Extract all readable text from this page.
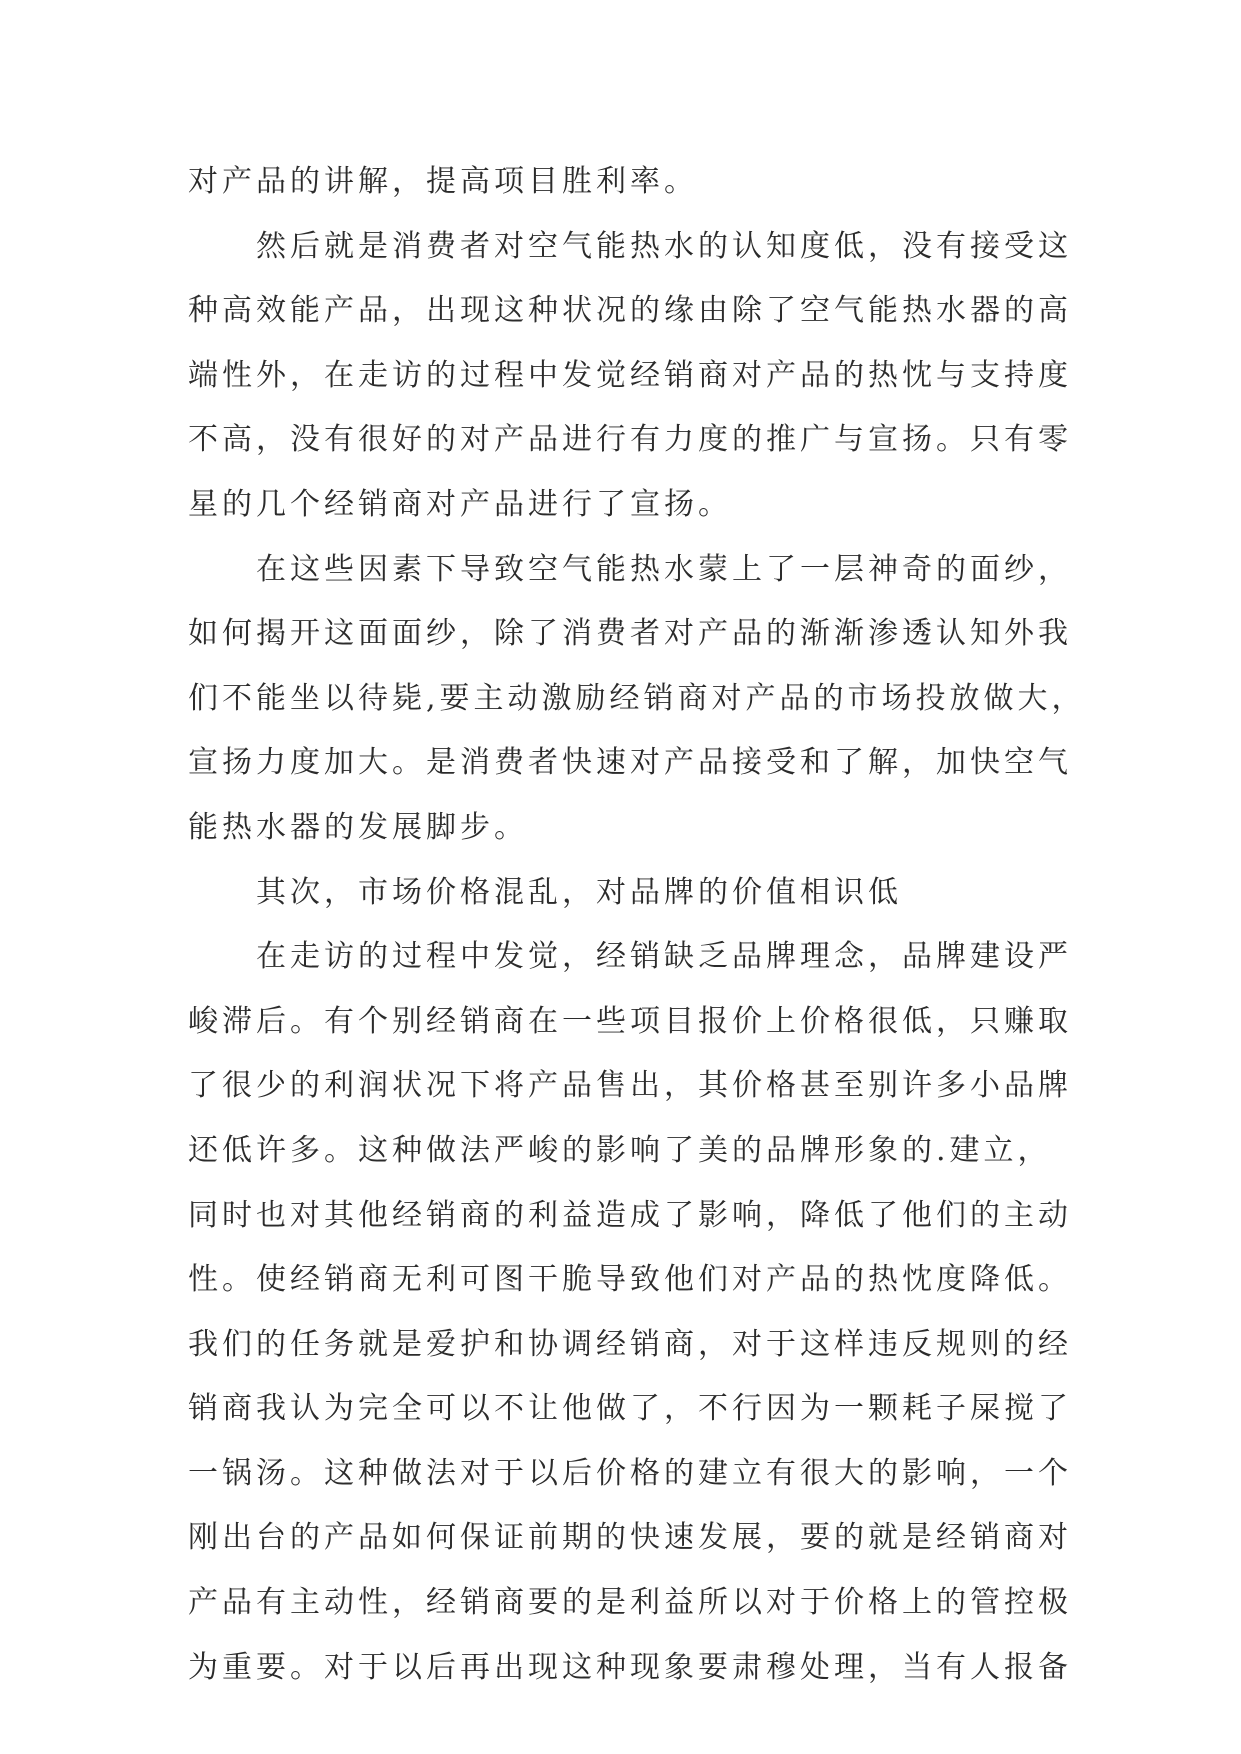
对产品的讲解，提高项目胜利率。
然后就是消费者对空气能热水的认知度低，没有接受这
种高效能产品，出现这种状况的缘由除了空气能热水器的高
端性外，在走访的过程中发觉经销商对产品的热忱与支持度
不高，没有很好的对产品进行有力度的推广与宣扬。只有零
星的几个经销商对产品进行了宣扬。
在这些因素下导致空气能热水蒙上了一层神奇的面纱，
如何揭开这面面纱，除了消费者对产品的渐渐渗透认知外我
们不能坐以待毙,要主动激励经销商对产品的市场投放做大，
宣扬力度加大。是消费者快速对产品接受和了解，加快空气
能热水器的发展脚步。
其次，市场价格混乱，对品牌的价值相识低
在走访的过程中发觉，经销缺乏品牌理念，品牌建设严
峻滞后。有个别经销商在一些项目报价上价格很低，只赚取
了很少的利润状况下将产品售出，其价格甚至别许多小品牌
还低许多。这种做法严峻的影响了美的品牌形象的.建立，
同时也对其他经销商的利益造成了影响，降低了他们的主动
性。使经销商无利可图干脆导致他们对产品的热忱度降低。
我们的任务就是爱护和协调经销商，对于这样违反规则的经
销商我认为完全可以不让他做了，不行因为一颗耗子屎搅了
一锅汤。这种做法对于以后价格的建立有很大的影响，一个
刚出台的产品如何保证前期的快速发展，要的就是经销商对
产品有主动性，经销商要的是利益所以对于价格上的管控极
为重要。对于以后再出现这种现象要肃穆处理，当有人报备
